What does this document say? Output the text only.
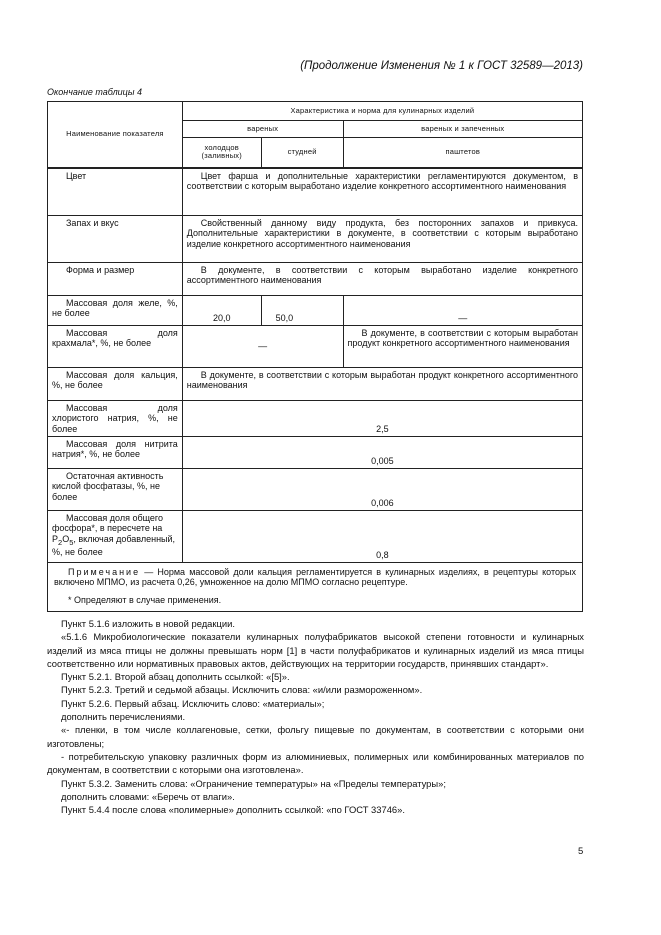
(Продолжение Изменения № 1 к ГОСТ 32589—2013)
Окончание таблицы 4
Наименование показателя	Характеристика и норма для кулинарных изделий		
	вареных		вареных и запеченных
	холодцов (заливных)	студней	паштетов
Цвет	Цвет фарша и дополнительные характеристики регламентируются документом, в соответствии с которым выработано изделие конкретного ассортиментного наименования		
Запах и вкус	Свойственный данному виду продукта, без посторонних запахов и привкуса. Дополнительные характеристики в документе, в соответствии с которым выработано изделие конкретного ассортиментного наименования		
Форма и размер	В документе, в соответствии с которым выработано изделие конкретного ассортиментного наименования		
Массовая доля желе, %, не более	20,0	50,0	—
Массовая доля крахмала*, %, не более	—		В документе, в соответствии с которым выработан продукт конкретного ассортиментного наименования
Массовая доля кальция, %, не более	В документе, в соответствии с которым выработан продукт конкретного ассортиментного наименования		
Массовая доля хлористого натрия, %, не более	2,5		
Массовая доля нитрита натрия*, %, не более	0,005		
Остаточная активность кислой фосфатазы, %, не более	0,006		
Массовая доля общего фосфора*, в пересчете на $P_2O_5$, включая добавленный, %, не более	0,8		

Примечание — Норма массовой доли кальция регламентируется в кулинарных изделиях, в рецептуры которых включено МПМО, из расчета 0,26, умноженное на долю МПМО согласно рецептуре.
* Определяют в случае применения.			

Пункт 5.1.6 изложить в новой редакции.

«5.1.6 Микробиологические показатели кулинарных полуфабрикатов высокой степени готовности и кулинарных изделий из мяса птицы не должны превышать норм [1] в части полуфабрикатов и кулинарных изделий из мяса птицы соответственно или нормативных правовых актов, действующих на территории государств, принявших стандарт».

Пункт 5.2.1. Второй абзац дополнить ссылкой: «[5]».

Пункт 5.2.3. Третий и седьмой абзацы. Исключить слова: «и/или размороженном».

Пункт 5.2.6. Первый абзац. Исключить слово: «материалы»;

дополнить перечислениями.

«- пленки, в том числе коллагеновые, сетки, фольгу пищевые по документам, в соответствии с которыми они изготовлены;

- потребительскую упаковку различных форм из алюминиевых, полимерных или комбинированных материалов по документам, в соответствии с которыми она изготовлена».

Пункт 5.3.2. Заменить слова: «Ограничение температуры» на «Пределы температуры»;

дополнить словами: «Беречь от влаги».

Пункт 5.4.4 после слова «полимерные» дополнить ссылкой: «по ГОСТ 33746».

5
